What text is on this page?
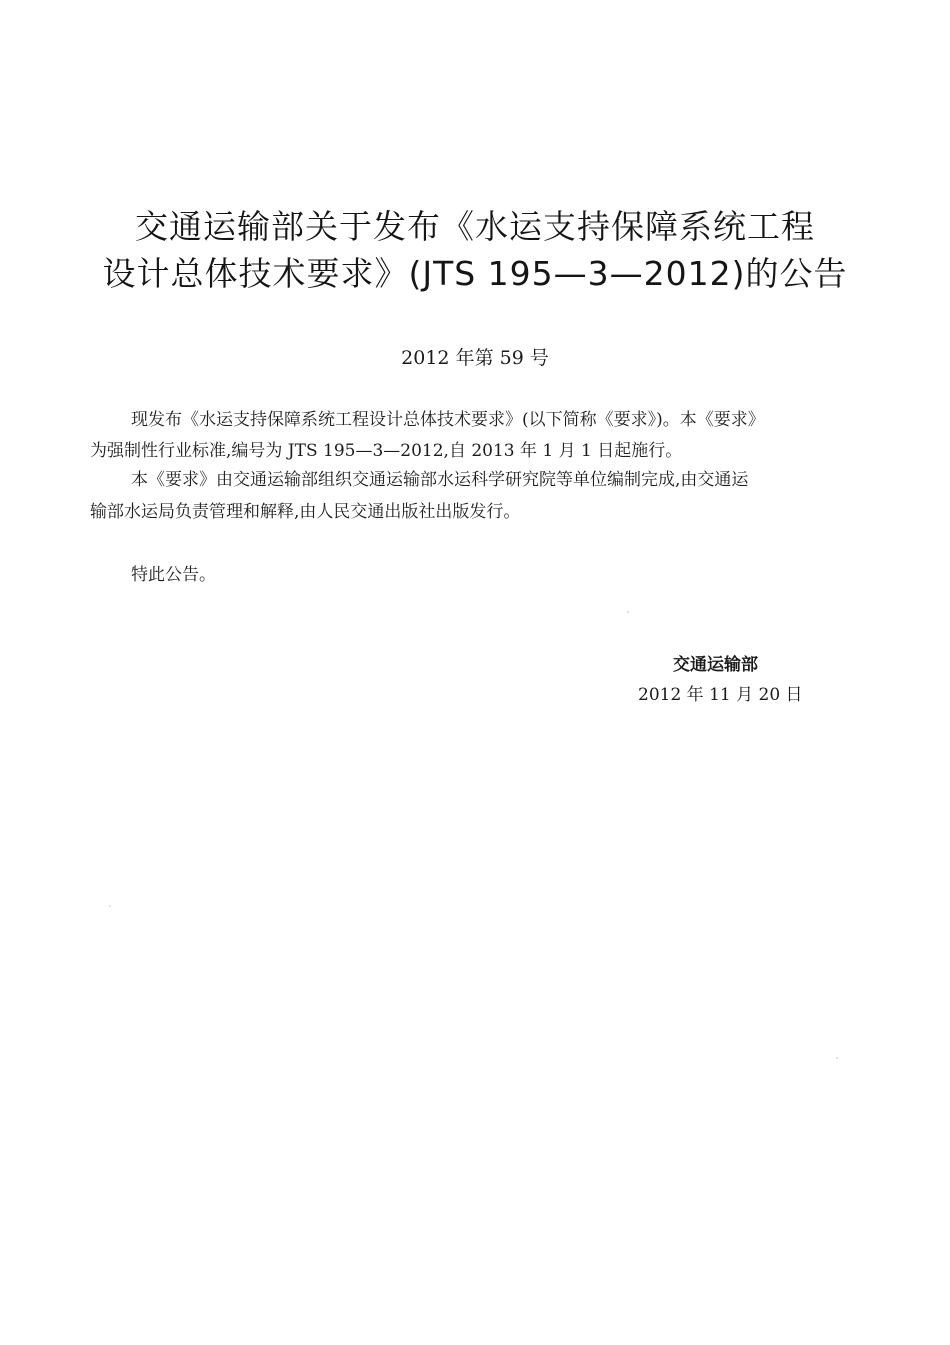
交通运输部关于发布《水运支持保障系统工程
设计总体技术要求》(JTS 195—3—2012)的公告
2012 年第 59 号
现发布《水运支持保障系统工程设计总体技术要求》(以下简称《要求》)。本《要求》
为强制性行业标准,编号为 JTS 195—3—2012,自 2013 年 1 月 1 日起施行。
本《要求》由交通运输部组织交通运输部水运科学研究院等单位编制完成,由交通运
输部水运局负责管理和解释,由人民交通出版社出版发行。
特此公告。
交通运输部
2012 年 11 月 20 日
